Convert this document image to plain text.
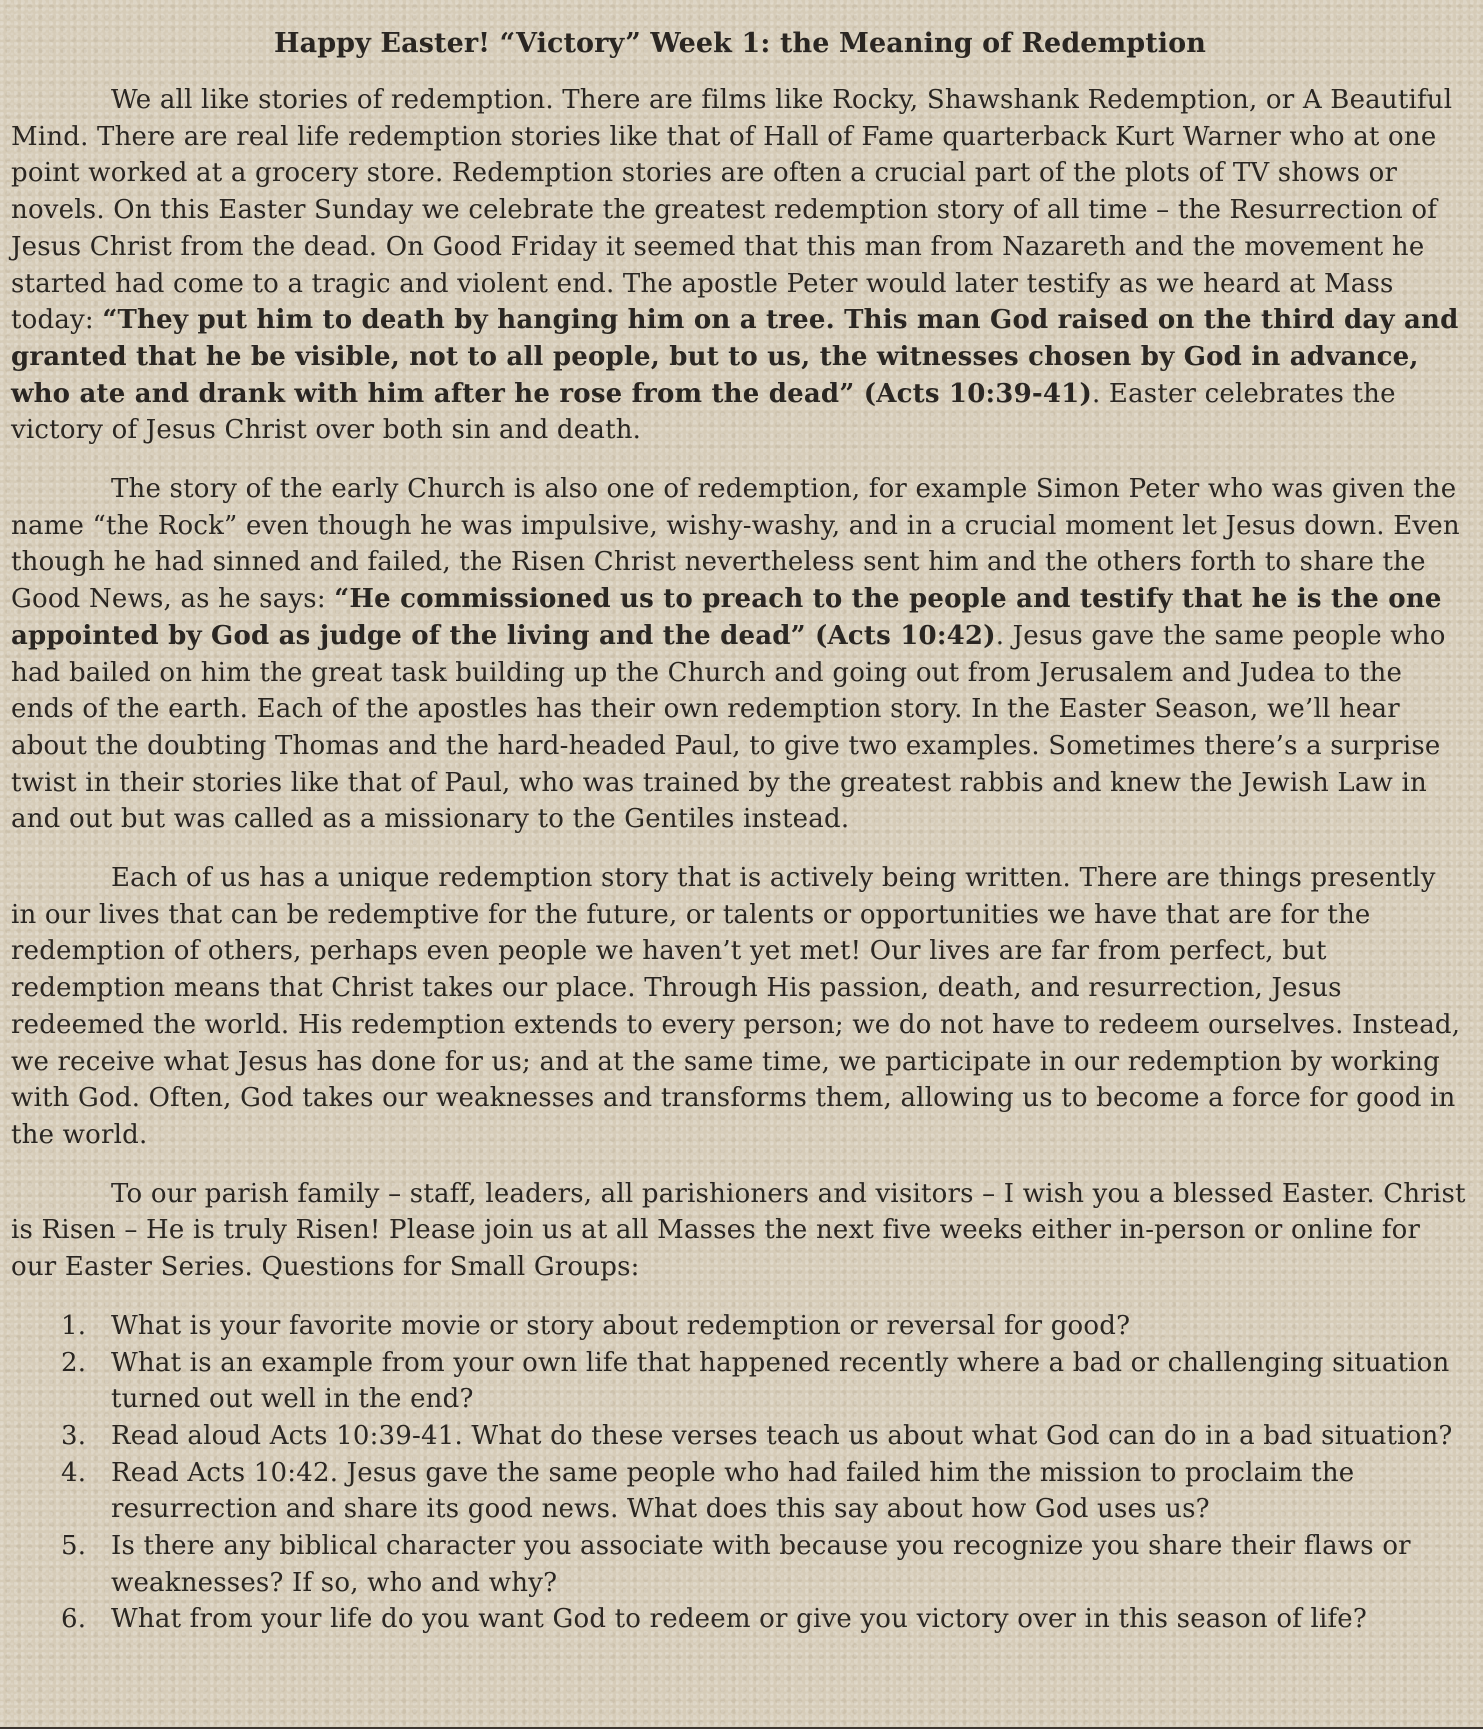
Happy Easter! “Victory” Week 1: the Meaning of Redemption

We all like stories of redemption. There are films like Rocky, Shawshank Redemption, or A Beautiful Mind. There are real life redemption stories like that of Hall of Fame quarterback Kurt Warner who at one point worked at a grocery store. Redemption stories are often a crucial part of the plots of TV shows or novels. On this Easter Sunday we celebrate the greatest redemption story of all time – the Resurrection of Jesus Christ from the dead. On Good Friday it seemed that this man from Nazareth and the movement he started had come to a tragic and violent end. The apostle Peter would later testify as we heard at Mass today: “They put him to death by hanging him on a tree. This man God raised on the third day and granted that he be visible, not to all people, but to us, the witnesses chosen by God in advance, who ate and drank with him after he rose from the dead” (Acts 10:39-41). Easter celebrates the victory of Jesus Christ over both sin and death.

The story of the early Church is also one of redemption, for example Simon Peter who was given the name “the Rock” even though he was impulsive, wishy-washy, and in a crucial moment let Jesus down. Even though he had sinned and failed, the Risen Christ nevertheless sent him and the others forth to share the Good News, as he says: “He commissioned us to preach to the people and testify that he is the one appointed by God as judge of the living and the dead” (Acts 10:42). Jesus gave the same people who had bailed on him the great task building up the Church and going out from Jerusalem and Judea to the ends of the earth. Each of the apostles has their own redemption story. In the Easter Season, we’ll hear about the doubting Thomas and the hard-headed Paul, to give two examples. Sometimes there’s a surprise twist in their stories like that of Paul, who was trained by the greatest rabbis and knew the Jewish Law in and out but was called as a missionary to the Gentiles instead.

Each of us has a unique redemption story that is actively being written. There are things presently in our lives that can be redemptive for the future, or talents or opportunities we have that are for the redemption of others, perhaps even people we haven’t yet met! Our lives are far from perfect, but redemption means that Christ takes our place. Through His passion, death, and resurrection, Jesus redeemed the world. His redemption extends to every person; we do not have to redeem ourselves. Instead, we receive what Jesus has done for us; and at the same time, we participate in our redemption by working with God. Often, God takes our weaknesses and transforms them, allowing us to become a force for good in the world.

To our parish family – staff, leaders, all parishioners and visitors – I wish you a blessed Easter. Christ is Risen – He is truly Risen! Please join us at all Masses the next five weeks either in-person or online for our Easter Series. Questions for Small Groups:

1. What is your favorite movie or story about redemption or reversal for good?
2. What is an example from your own life that happened recently where a bad or challenging situation turned out well in the end?
3. Read aloud Acts 10:39-41. What do these verses teach us about what God can do in a bad situation?
4. Read Acts 10:42. Jesus gave the same people who had failed him the mission to proclaim the resurrection and share its good news. What does this say about how God uses us?
5. Is there any biblical character you associate with because you recognize you share their flaws or weaknesses? If so, who and why?
6. What from your life do you want God to redeem or give you victory over in this season of life?
